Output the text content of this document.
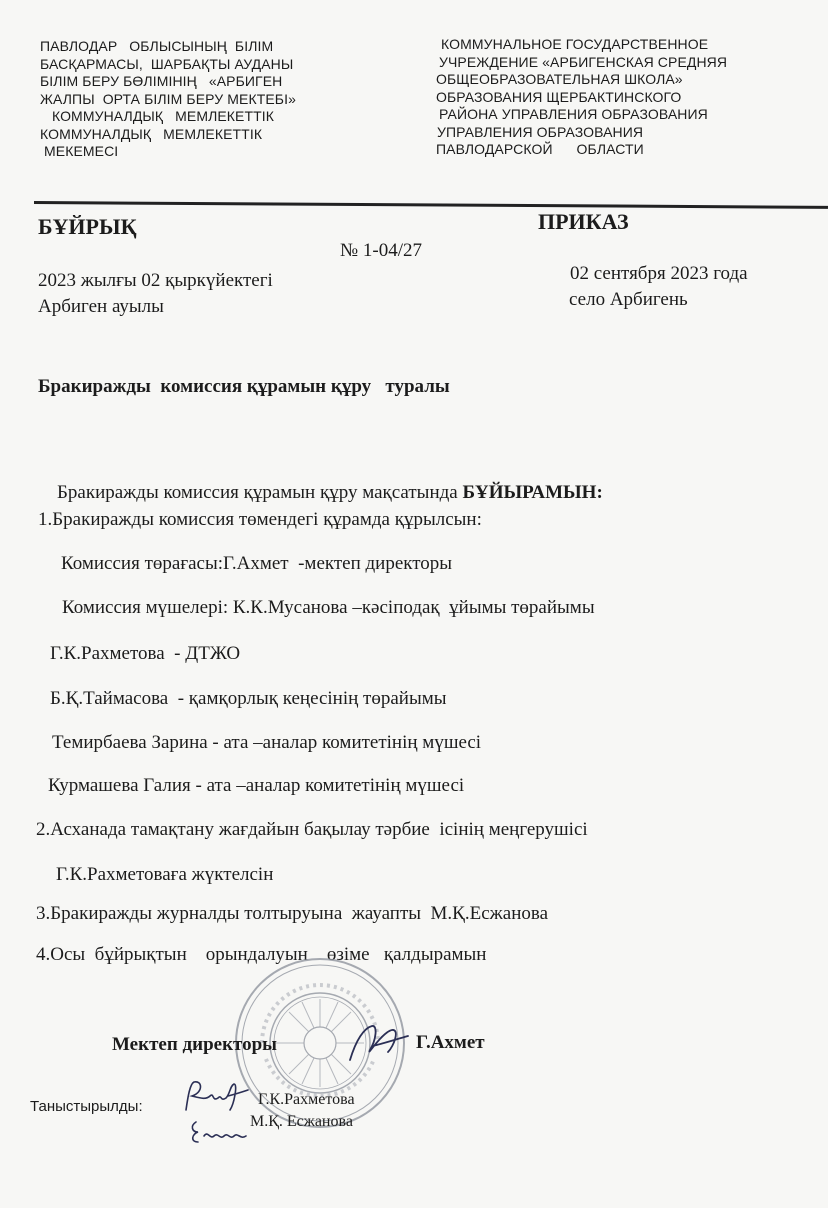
ПАВЛОДАР   ОБЛЫСЫНЫҢ  БІЛІМ
БАСҚАРМАСЫ,  ШАРБАҚТЫ АУДАНЫ
БІЛІМ БЕРУ БӨЛІМІНІҢ   «АРБИГЕН
ЖАЛПЫ  ОРТА БІЛІМ БЕРУ МЕКТЕБІ»
КОММУНАЛДЫҚ   МЕМЛЕКЕТТІК
КОММУНАЛДЫҚ   МЕМЛЕКЕТТІК
МЕКЕМЕСІ
КОММУНАЛЬНОЕ ГОСУДАРСТВЕННОЕ
УЧРЕЖДЕНИЕ «АРБИГЕНСКАЯ СРЕДНЯЯ
ОБЩЕОБРАЗОВАТЕЛЬНАЯ ШКОЛА»
ОБРАЗОВАНИЯ ЩЕРБАКТИНСКОГО
РАЙОНА УПРАВЛЕНИЯ ОБРАЗОВАНИЯ
УПРАВЛЕНИЯ ОБРАЗОВАНИЯ
ПАВЛОДАРСКОЙ      ОБЛАСТИ
БҰЙРЫҚ	ПРИКАЗ
№ 1-04/27
2023 жылғы 02 қыркүйектегі
Арбиген ауылы
02 сентября 2023 года
село Арбигень
Бракиражды  комиссия құрамын құру   туралы

Бракиражды комиссия құрамын құру мақсатында БҰЙЫРАМЫН:

1.Бракиражды комиссия төмендегі құрамда құрылсын:
Комиссия төрағасы:Г.Ахмет  -мектеп директоры
Комиссия мүшелері: К.К.Мусанова –кәсіподақ  ұйымы төрайымы
Г.К.Рахметова  - ДТЖО
Б.Қ.Таймасова  - қамқорлық кеңесінің төрайымы
Темирбаева Зарина - ата –аналар комитетінің мүшесі
Курмашева Галия - ата –аналар комитетінің мүшесі
2.Асханада тамақтану жағдайын бақылау тәрбие  ісінің меңгерушісі
Г.К.Рахметоваға жүктелсін
3.Бракиражды журналды толтыруына  жауапты  М.Қ.Есжанова
4.Осы  бұйрықтын    орындалуын    өзіме   қалдырамын
Мектеп директоры	Г.Ахмет
Таныстырылды:	Г.К.Рахметова
М.Қ. Есжанова
